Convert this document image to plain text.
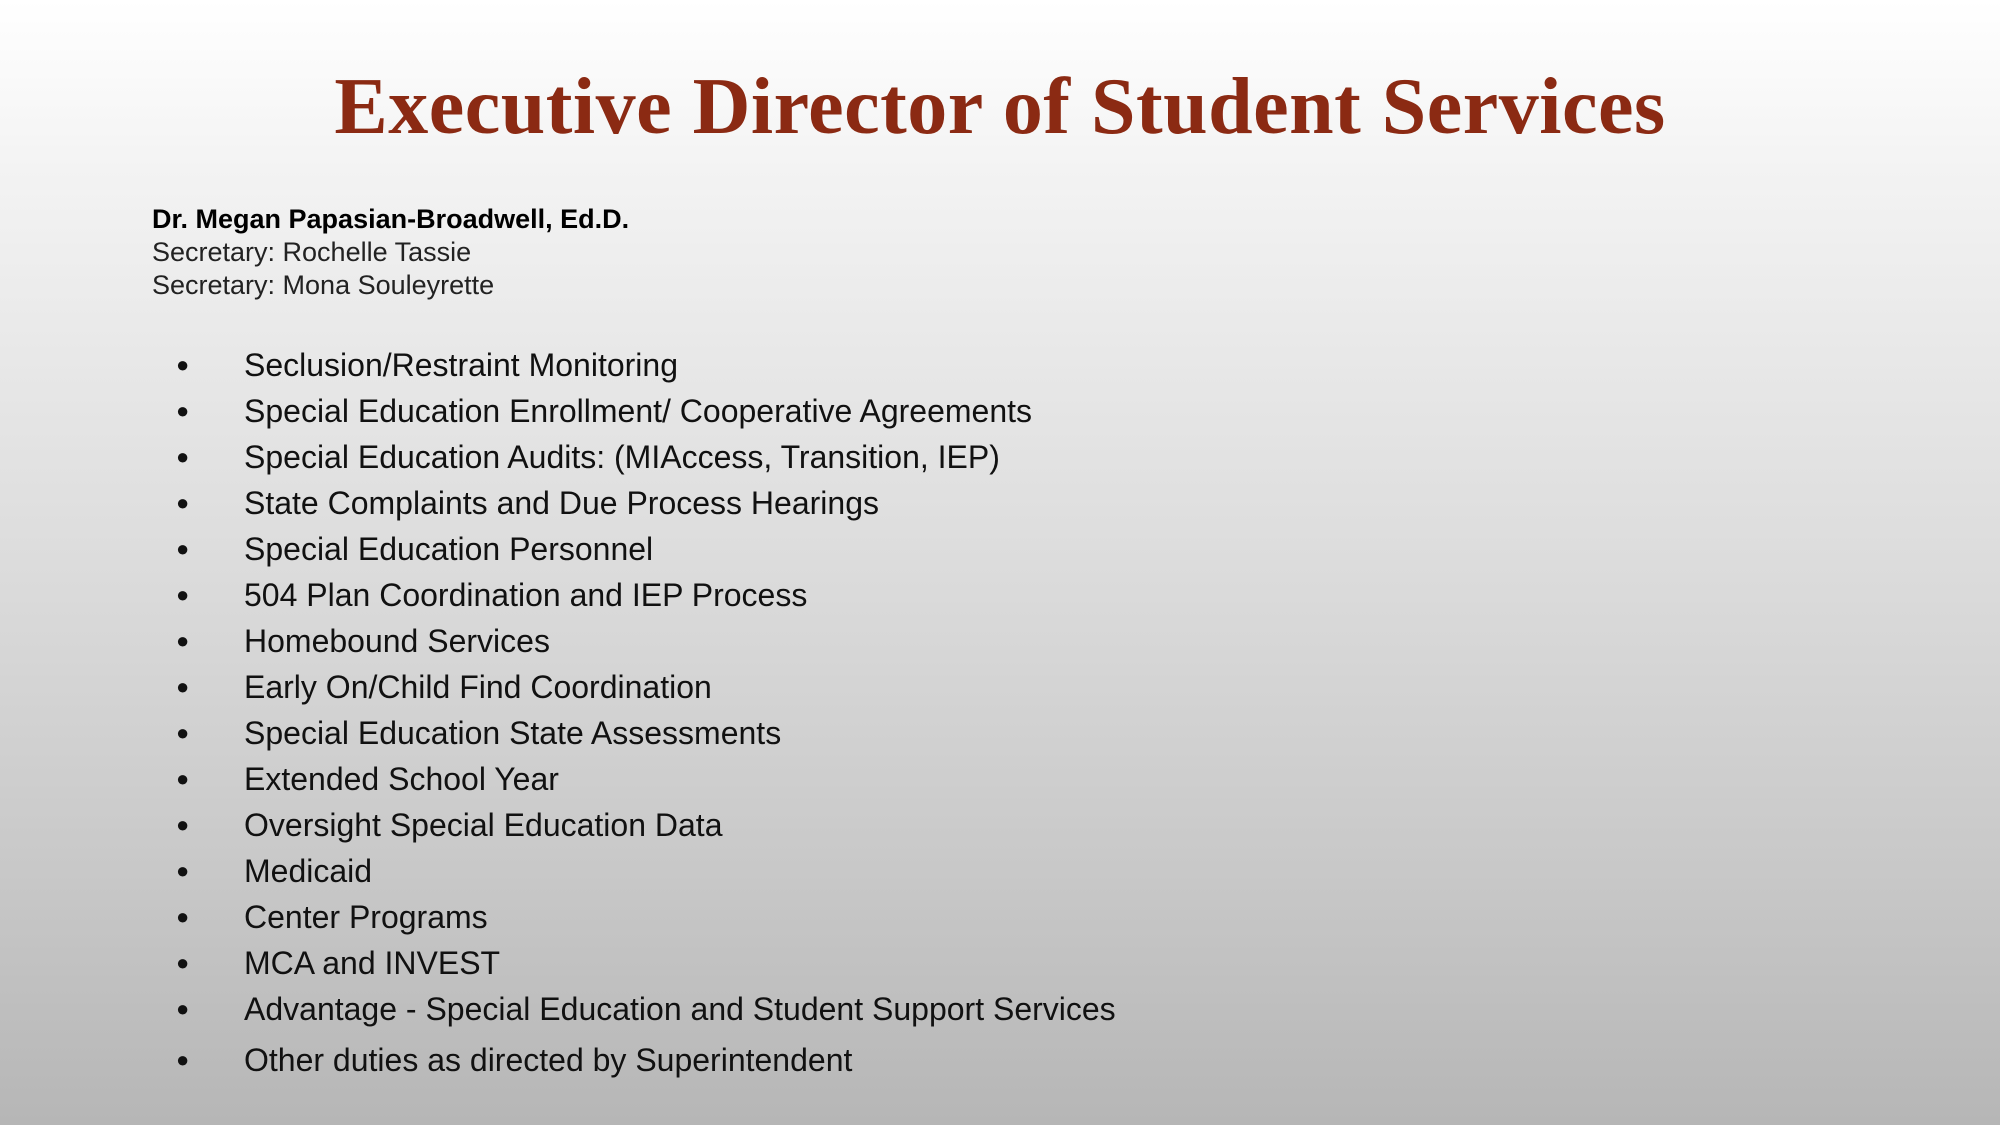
Executive Director of Student Services
Dr. Megan Papasian-Broadwell, Ed.D.
Secretary: Rochelle Tassie
Secretary: Mona Souleyrette
● Seclusion/Restraint Monitoring
● Special Education Enrollment/ Cooperative Agreements
● Special Education Audits: (MIAccess, Transition, IEP)
● State Complaints and Due Process Hearings
● Special Education Personnel
● 504 Plan Coordination and IEP Process
● Homebound Services
● Early On/Child Find Coordination
● Special Education State Assessments
● Extended School Year
● Oversight Special Education Data
● Medicaid
● Center Programs
● MCA and INVEST
● Advantage - Special Education and Student Support Services
● Other duties as directed by Superintendent
